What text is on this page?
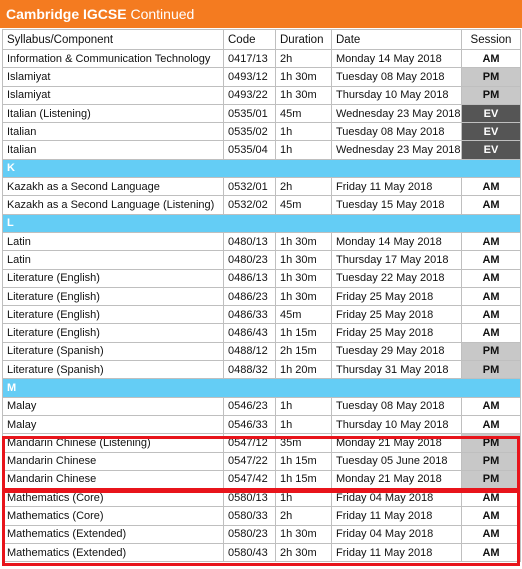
Cambridge IGCSE Continued
Syllabus/Component	Code	Duration	Date	Session
Information & Communication Technology	0417/13	2h	Monday 14 May 2018	AM
Islamiyat	0493/12	1h 30m	Tuesday 08 May 2018	PM
Islamiyat	0493/22	1h 30m	Thursday 10 May 2018	PM
Italian (Listening)	0535/01	45m	Wednesday 23 May 2018	EV
Italian	0535/02	1h	Tuesday 08 May 2018	EV
Italian	0535/04	1h	Wednesday 23 May 2018	EV
K				
Kazakh as a Second Language	0532/01	2h	Friday 11 May 2018	AM
Kazakh as a Second Language (Listening)	0532/02	45m	Tuesday 15 May 2018	AM
L				
Latin	0480/13	1h 30m	Monday 14 May 2018	AM
Latin	0480/23	1h 30m	Thursday 17 May 2018	AM
Literature (English)	0486/13	1h 30m	Tuesday 22 May 2018	AM
Literature (English)	0486/23	1h 30m	Friday 25 May 2018	AM
Literature (English)	0486/33	45m	Friday 25 May 2018	AM
Literature (English)	0486/43	1h 15m	Friday 25 May 2018	AM
Literature (Spanish)	0488/12	2h 15m	Tuesday 29 May 2018	PM
Literature (Spanish)	0488/32	1h 20m	Thursday 31 May 2018	PM
M				
Malay	0546/23	1h	Tuesday 08 May 2018	AM
Malay	0546/33	1h	Thursday 10 May 2018	AM
Mandarin Chinese (Listening)	0547/12	35m	Monday 21 May 2018	PM
Mandarin Chinese	0547/22	1h 15m	Tuesday 05 June 2018	PM
Mandarin Chinese	0547/42	1h 15m	Monday 21 May 2018	PM
Mathematics (Core)	0580/13	1h	Friday 04 May 2018	AM
Mathematics (Core)	0580/33	2h	Friday 11 May 2018	AM
Mathematics (Extended)	0580/23	1h 30m	Friday 04 May 2018	AM
Mathematics (Extended)	0580/43	2h 30m	Friday 11 May 2018	AM
